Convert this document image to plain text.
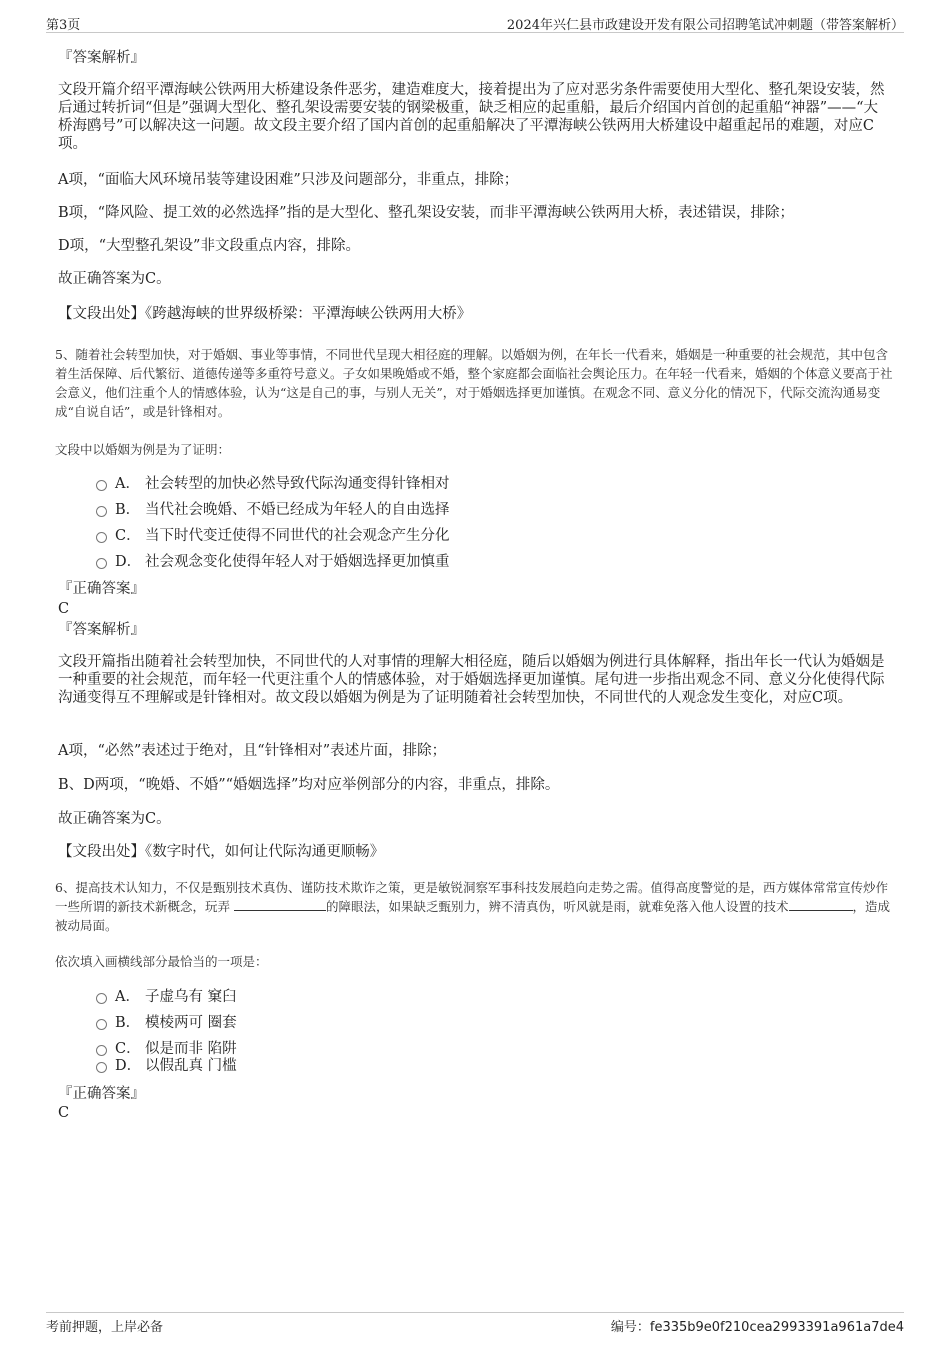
第3页	2024年兴仁县市政建设开发有限公司招聘笔试冲刺题（带答案解析）
『答案解析』
文段开篇介绍平潭海峡公铁两用大桥建设条件恶劣，建造难度大，接着提出为了应对恶劣条件需要使用大型化、整孔架设安装，然后通过转折词“但是”强调大型化、整孔架设需要安装的钢梁极重，缺乏相应的起重船，最后介绍国内首创的起重船“神器”——“大桥海鸥号”可以解决这一问题。故文段主要介绍了国内首创的起重船解决了平潭海峡公铁两用大桥建设中超重起吊的难题，对应C项。
A项，“面临大风环境吊装等建设困难”只涉及问题部分，非重点，排除；
B项，“降风险、提工效的必然选择”指的是大型化、整孔架设安装，而非平潭海峡公铁两用大桥，表述错误，排除；
D项，“大型整孔架设”非文段重点内容，排除。
故正确答案为C。
【文段出处】《跨越海峡的世界级桥梁：平潭海峡公铁两用大桥》
5、随着社会转型加快，对于婚姻、事业等事情，不同世代呈现大相径庭的理解。以婚姻为例，在年长一代看来，婚姻是一种重要的社会规范，其中包含着生活保障、后代繁衍、道德传递等多重符号意义。子女如果晚婚或不婚，整个家庭都会面临社会舆论压力。在年轻一代看来，婚姻的个体意义要高于社会意义，他们注重个人的情感体验，认为“这是自己的事，与别人无关”，对于婚姻选择更加谨慎。在观念不同、意义分化的情况下，代际交流沟通易变成“自说自话”，或是针锋相对。
文段中以婚姻为例是为了证明：
A． 社会转型的加快必然导致代际沟通变得针锋相对
B． 当代社会晚婚、不婚已经成为年轻人的自由选择
C． 当下时代变迁使得不同世代的社会观念产生分化
D． 社会观念变化使得年轻人对于婚姻选择更加慎重
『正确答案』
C
『答案解析』
文段开篇指出随着社会转型加快，不同世代的人对事情的理解大相径庭，随后以婚姻为例进行具体解释，指出年长一代认为婚姻是一种重要的社会规范，而年轻一代更注重个人的情感体验，对于婚姻选择更加谨慎。尾句进一步指出观念不同、意义分化使得代际沟通变得互不理解或是针锋相对。故文段以婚姻为例是为了证明随着社会转型加快，不同世代的人观念发生变化，对应C项。
A项，“必然”表述过于绝对，且“针锋相对”表述片面，排除；
B、D两项，“晚婚、不婚”“婚姻选择”均对应举例部分的内容，非重点，排除。
故正确答案为C。
【文段出处】《数字时代，如何让代际沟通更顺畅》
6、提高技术认知力，不仅是甄别技术真伪、谨防技术欺诈之策，更是敏锐洞察军事科技发展趋向走势之需。值得高度警觉的是，西方媒体常常宣传炒作一些所谓的新技术新概念，玩弄	的障眼法，如果缺乏甄别力，辨不清真伪，听风就是雨，就难免落入他人设置的技术	，造成被动局面。
依次填入画横线部分最恰当的一项是：
A． 子虚乌有 窠臼
B． 模棱两可 圈套
C． 似是而非 陷阱
D． 以假乱真 门槛
『正确答案』
C
考前押题，上岸必备	编号：fe335b9e0f210cea2993391a961a7de4
